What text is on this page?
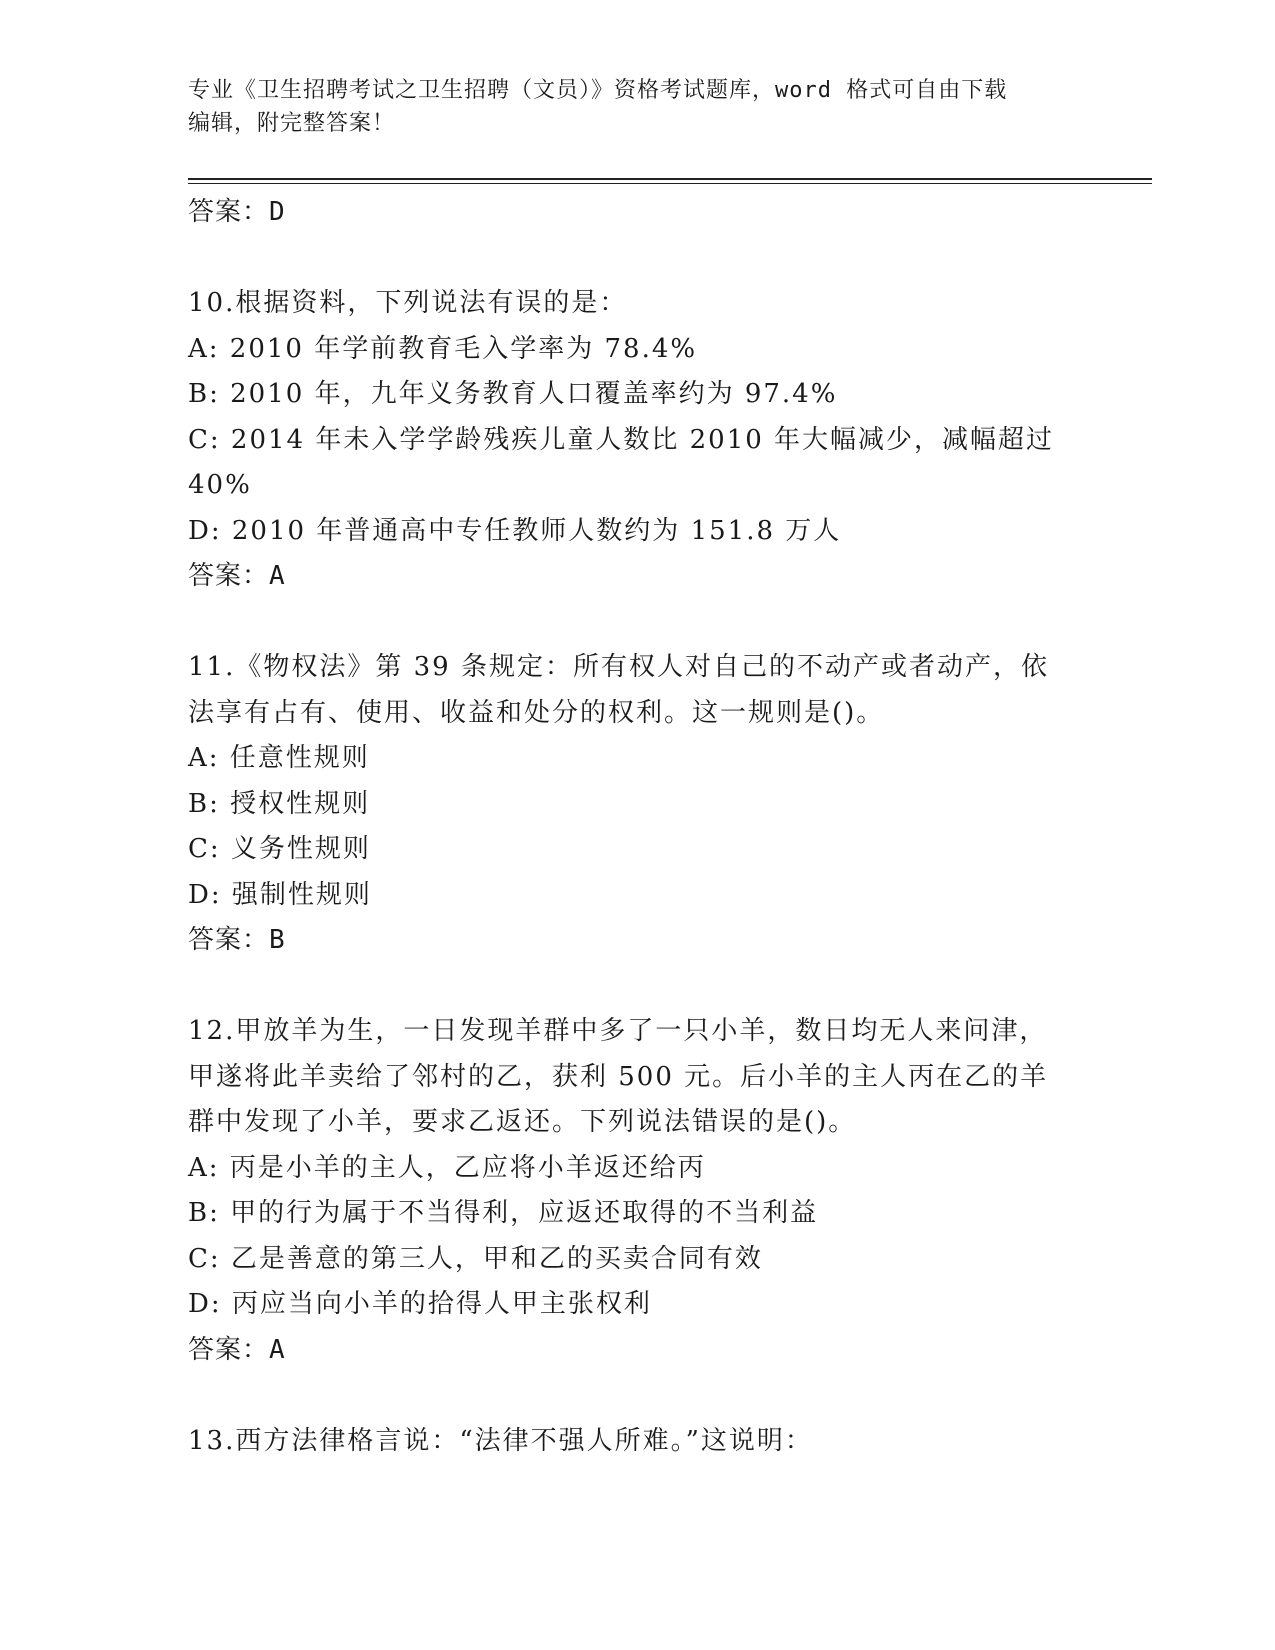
专业《卫生招聘考试之卫生招聘（文员）》资格考试题库，word 格式可自由下载
编辑，附完整答案！
答案：D
10.根据资料，下列说法有误的是：
A: 2010 年学前教育毛入学率为 78.4%
B: 2010 年，九年义务教育人口覆盖率约为 97.4%
C: 2014 年未入学学龄残疾儿童人数比 2010 年大幅减少，减幅超过
40%
D: 2010 年普通高中专任教师人数约为 151.8 万人
答案：A
11.《物权法》第 39 条规定：所有权人对自己的不动产或者动产，依
法享有占有、使用、收益和处分的权利。这一规则是()。
A: 任意性规则
B: 授权性规则
C: 义务性规则
D: 强制性规则
答案：B
12.甲放羊为生，一日发现羊群中多了一只小羊，数日均无人来问津，
甲遂将此羊卖给了邻村的乙，获利 500 元。后小羊的主人丙在乙的羊
群中发现了小羊，要求乙返还。下列说法错误的是()。
A: 丙是小羊的主人，乙应将小羊返还给丙
B: 甲的行为属于不当得利，应返还取得的不当利益
C: 乙是善意的第三人，甲和乙的买卖合同有效
D: 丙应当向小羊的拾得人甲主张权利
答案：A
13.西方法律格言说：“法律不强人所难。”这说明：
